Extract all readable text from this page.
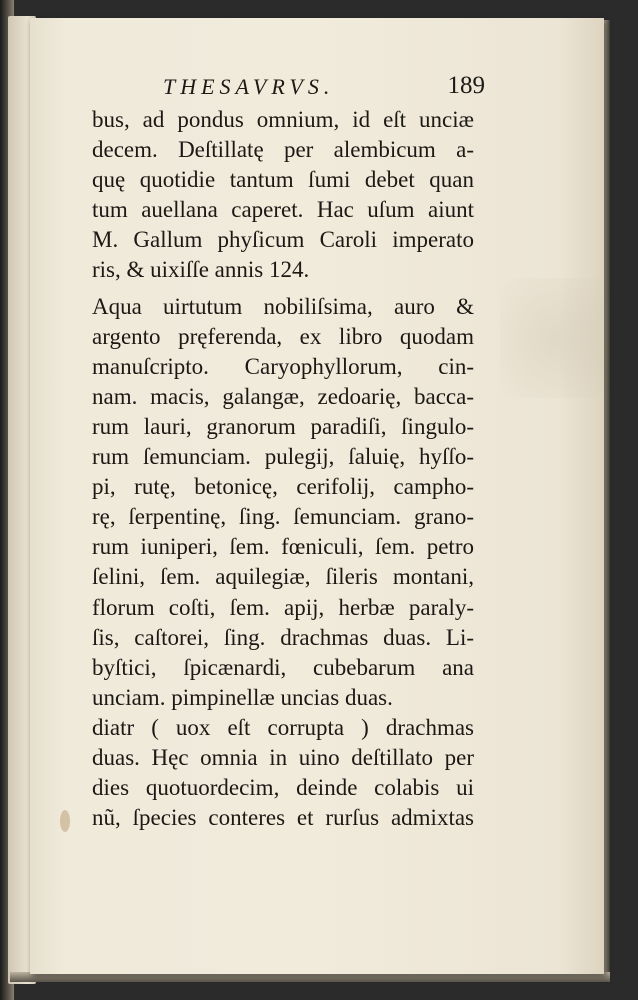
THESAVRVS.	189
bus, ad pondus omnium, id eſt unciæ
decem. Deſtillatę per alembicum a-
quę quotidie tantum ſumi debet quan
tum auellana caperet. Hac uſum aiunt
M. Gallum phyſicum Caroli imperato
ris, & uixiſſe annis 124.
Aqua uirtutum nobiliſsima, auro &
argento pręferenda, ex libro quodam
manuſcripto. Caryophyllorum, cin-
nam. macis, galangæ, zedoarię, bacca-
rum lauri, granorum paradiſi, ſingulo-
rum ſemunciam. pulegij, ſaluię, hyſſo-
pi, rutę, betonicę, cerifolij, campho-
rę, ſerpentinę, ſing. ſemunciam. grano-
rum iuniperi, ſem. fœniculi, ſem. petro
ſelini, ſem. aquilegiæ, ſileris montani,
florum coſti, ſem. apij, herbæ paraly-
ſis, caſtorei, ſing. drachmas duas. Li-
byſtici, ſpicænardi, cubebarum ana
unciam. pimpinellæ uncias duas.
diatr ( uox eſt corrupta ) drachmas
duas. Hęc omnia in uino deſtillato per
dies quotuordecim, deinde colabis ui
nũ, ſpecies conteres et rurſus admixtas
